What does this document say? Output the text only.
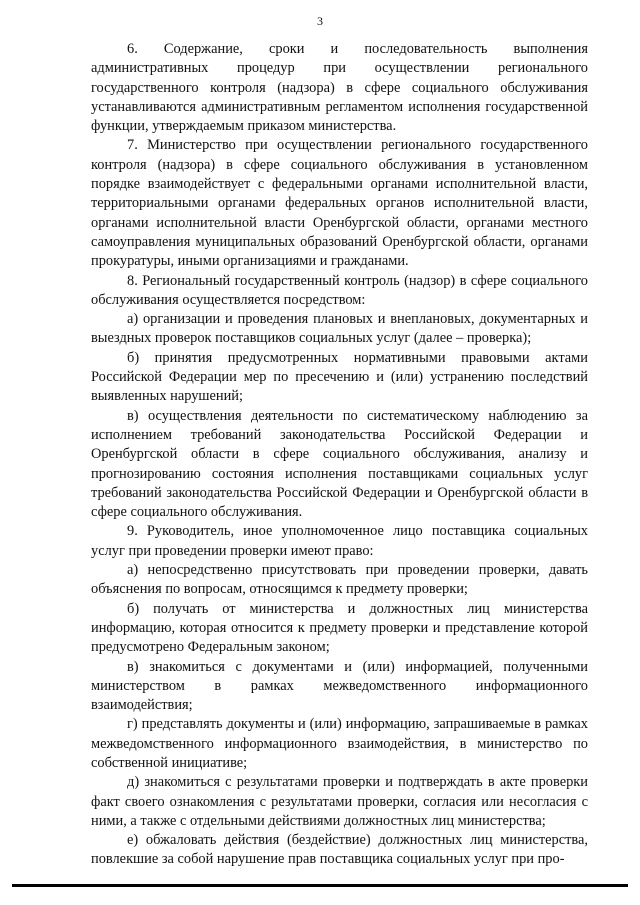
3

6. Содержание, сроки и последовательность выполнения административных процедур при осуществлении регионального государственного контроля (надзора) в сфере социального обслуживания устанавливаются административным регламентом исполнения государственной функции, утверждаемым приказом министерства.

7. Министерство при осуществлении регионального государственного контроля (надзора) в сфере социального обслуживания в установленном порядке взаимодействует с федеральными органами исполнительной власти, территориальными органами федеральных органов исполнительной власти, органами исполнительной власти Оренбургской области, органами местного самоуправления муниципальных образований Оренбургской области, органами прокуратуры, иными организациями и гражданами.

8. Региональный государственный контроль (надзор) в сфере социального обслуживания осуществляется посредством:

а) организации и проведения плановых и внеплановых, документарных и выездных проверок поставщиков социальных услуг (далее – проверка);

б) принятия предусмотренных нормативными правовыми актами Российской Федерации мер по пресечению и (или) устранению последствий выявленных нарушений;

в) осуществления деятельности по систематическому наблюдению за исполнением требований законодательства Российской Федерации и Оренбургской области в сфере социального обслуживания, анализу и прогнозированию состояния исполнения поставщиками социальных услуг требований законодательства Российской Федерации и Оренбургской области в сфере социального обслуживания.

9. Руководитель, иное уполномоченное лицо поставщика социальных услуг при проведении проверки имеют право:

а) непосредственно присутствовать при проведении проверки, давать объяснения по вопросам, относящимся к предмету проверки;

б) получать от министерства и должностных лиц министерства информацию, которая относится к предмету проверки и представление которой предусмотрено Федеральным законом;

в) знакомиться с документами и (или) информацией, полученными министерством в рамках межведомственного информационного взаимодействия;

г) представлять документы и (или) информацию, запрашиваемые в рамках межведомственного информационного взаимодействия, в министерство по собственной инициативе;

д) знакомиться с результатами проверки и подтверждать в акте проверки факт своего ознакомления с результатами проверки, согласия или несогласия с ними, а также с отдельными действиями должностных лиц министерства;

е) обжаловать действия (бездействие) должностных лиц министерства, повлекшие за собой нарушение прав поставщика социальных услуг при про-
